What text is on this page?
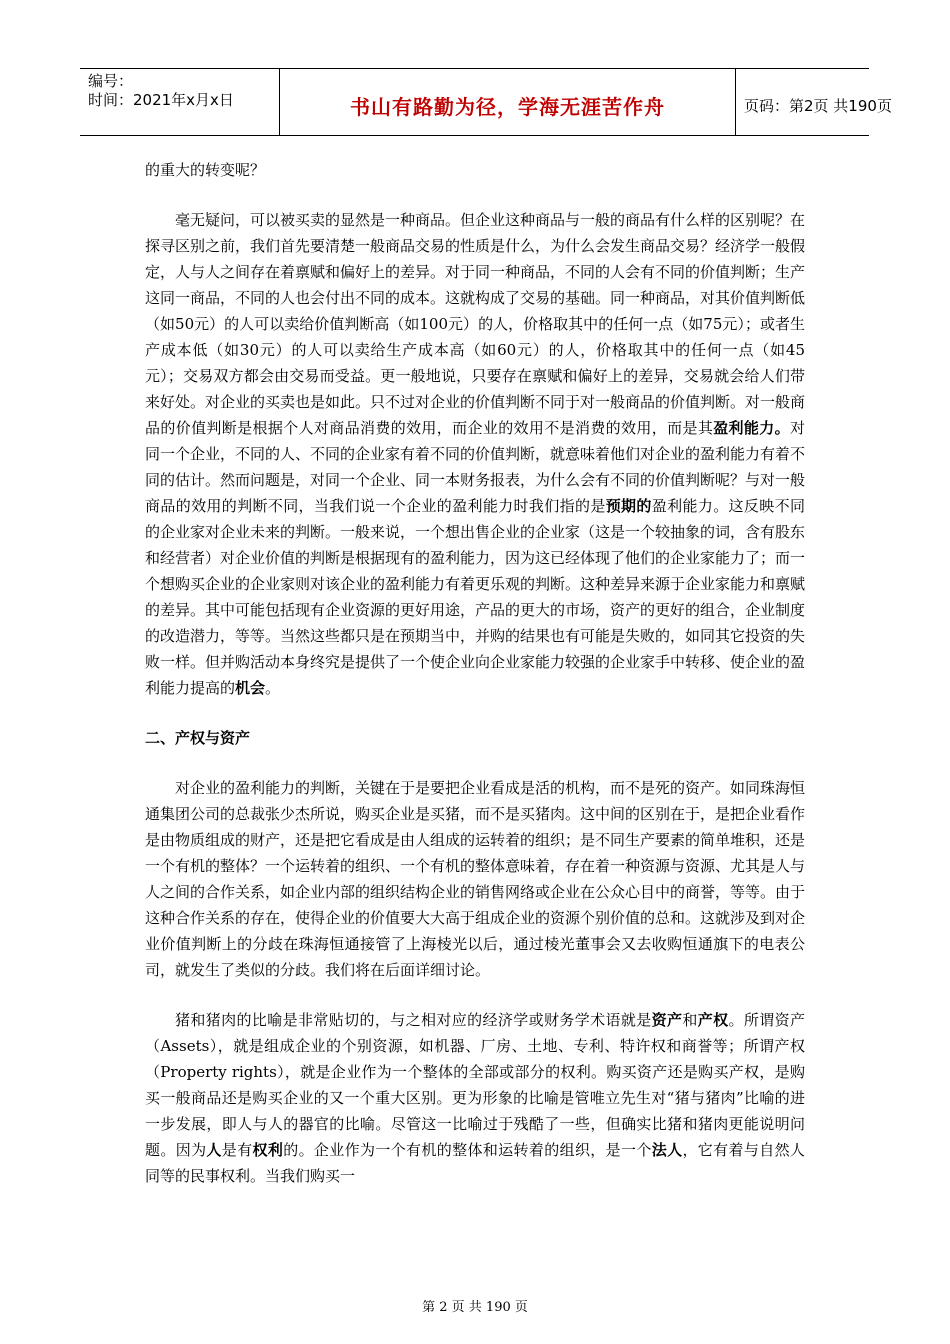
编号：
时间：2021年x月x日	书山有路勤为径，学海无涯苦作舟	页码：第2页 共190页

的重大的转变呢？

毫无疑问，可以被买卖的显然是一种商品。但企业这种商品与一般的商品有什么样的区别呢？在探寻区别之前，我们首先要清楚一般商品交易的性质是什么，为什么会发生商品交易？经济学一般假定，人与人之间存在着禀赋和偏好上的差异。对于同一种商品，不同的人会有不同的价值判断；生产这同一商品，不同的人也会付出不同的成本。这就构成了交易的基础。同一种商品，对其价值判断低（如50元）的人可以卖给价值判断高（如100元）的人，价格取其中的任何一点（如75元）；或者生产成本低（如30元）的人可以卖给生产成本高（如60元）的人，价格取其中的任何一点（如45元）；交易双方都会由交易而受益。更一般地说，只要存在禀赋和偏好上的差异，交易就会给人们带来好处。对企业的买卖也是如此。只不过对企业的价值判断不同于对一般商品的价值判断。对一般商品的价值判断是根据个人对商品消费的效用，而企业的效用不是消费的效用，而是其盈利能力。对同一个企业，不同的人、不同的企业家有着不同的价值判断，就意味着他们对企业的盈利能力有着不同的估计。然而问题是，对同一个企业、同一本财务报表，为什么会有不同的价值判断呢？与对一般商品的效用的判断不同，当我们说一个企业的盈利能力时我们指的是预期的盈利能力。这反映不同的企业家对企业未来的判断。一般来说，一个想出售企业的企业家（这是一个较抽象的词，含有股东和经营者）对企业价值的判断是根据现有的盈利能力，因为这已经体现了他们的企业家能力了；而一个想购买企业的企业家则对该企业的盈利能力有着更乐观的判断。这种差异来源于企业家能力和禀赋的差异。其中可能包括现有企业资源的更好用途，产品的更大的市场，资产的更好的组合，企业制度的改造潜力，等等。当然这些都只是在预期当中，并购的结果也有可能是失败的，如同其它投资的失败一样。但并购活动本身终究是提供了一个使企业向企业家能力较强的企业家手中转移、使企业的盈利能力提高的机会。

二、产权与资产

对企业的盈利能力的判断，关键在于是要把企业看成是活的机构，而不是死的资产。如同珠海恒通集团公司的总裁张少杰所说，购买企业是买猪，而不是买猪肉。这中间的区别在于，是把企业看作是由物质组成的财产，还是把它看成是由人组成的运转着的组织；是不同生产要素的简单堆积，还是一个有机的整体？一个运转着的组织、一个有机的整体意味着，存在着一种资源与资源、尤其是人与人之间的合作关系，如企业内部的组织结构企业的销售网络或企业在公众心目中的商誉，等等。由于这种合作关系的存在，使得企业的价值要大大高于组成企业的资源个别价值的总和。这就涉及到对企业价值判断上的分歧在珠海恒通接管了上海棱光以后，通过棱光董事会又去收购恒通旗下的电表公司，就发生了类似的分歧。我们将在后面详细讨论。

猪和猪肉的比喻是非常贴切的，与之相对应的经济学或财务学术语就是资产和产权。所谓资产（Assets），就是组成企业的个别资源，如机器、厂房、土地、专利、特许权和商誉等；所谓产权（Property rights），就是企业作为一个整体的全部或部分的权利。购买资产还是购买产权，是购买一般商品还是购买企业的又一个重大区别。更为形象的比喻是管唯立先生对“猪与猪肉”比喻的进一步发展，即人与人的器官的比喻。尽管这一比喻过于残酷了一些，但确实比猪和猪肉更能说明问题。因为人是有权利的。企业作为一个有机的整体和运转着的组织，是一个法人，它有着与自然人同等的民事权利。当我们购买一

第 2 页 共 190 页
